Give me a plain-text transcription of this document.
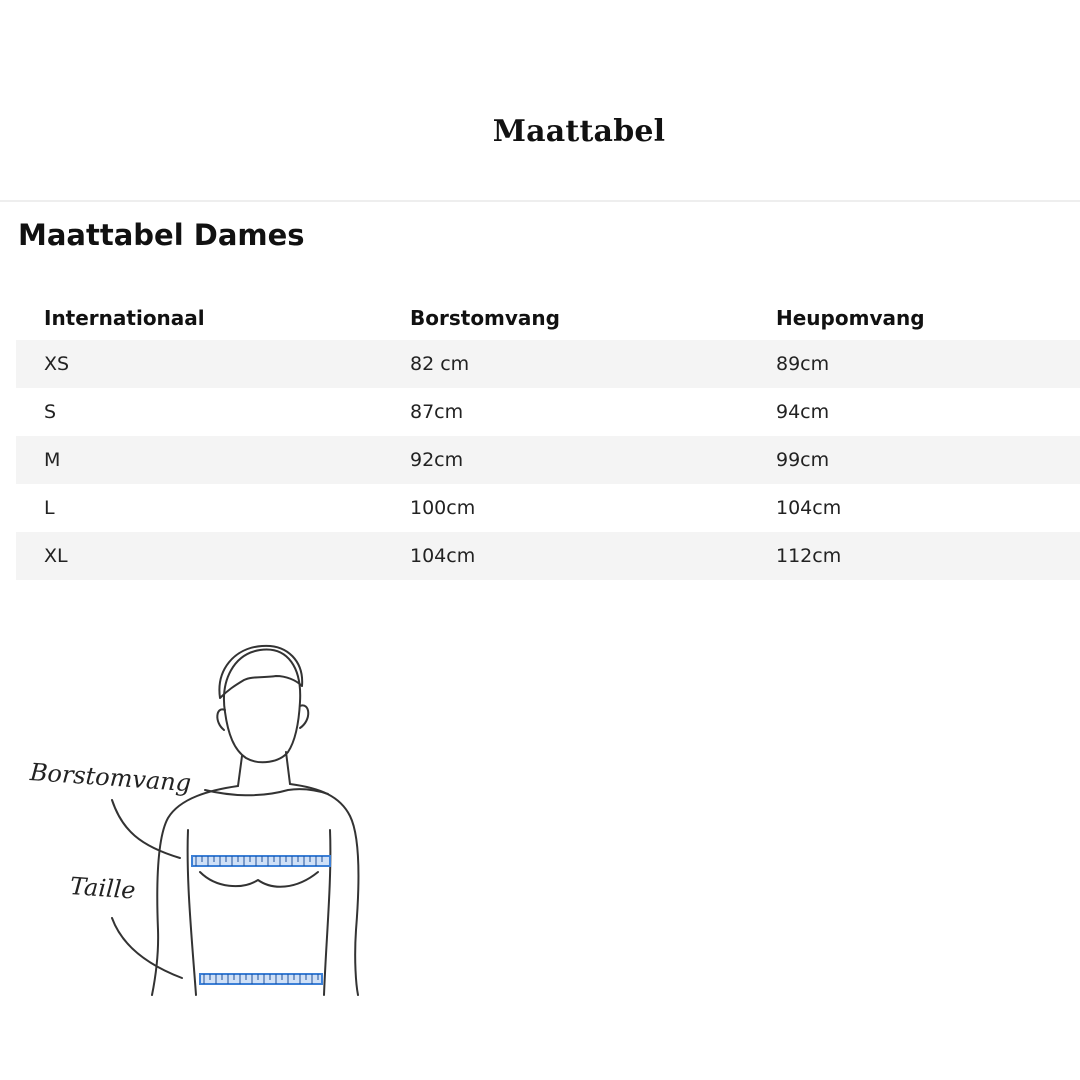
Maattabel
Maattabel Dames
Internationaal	Borstomvang	Heupomvang
XS	82 cm	89cm
S	87cm	94cm
M	92cm	99cm
L	100cm	104cm
XL	104cm	112cm
Borstomvang
Taille
